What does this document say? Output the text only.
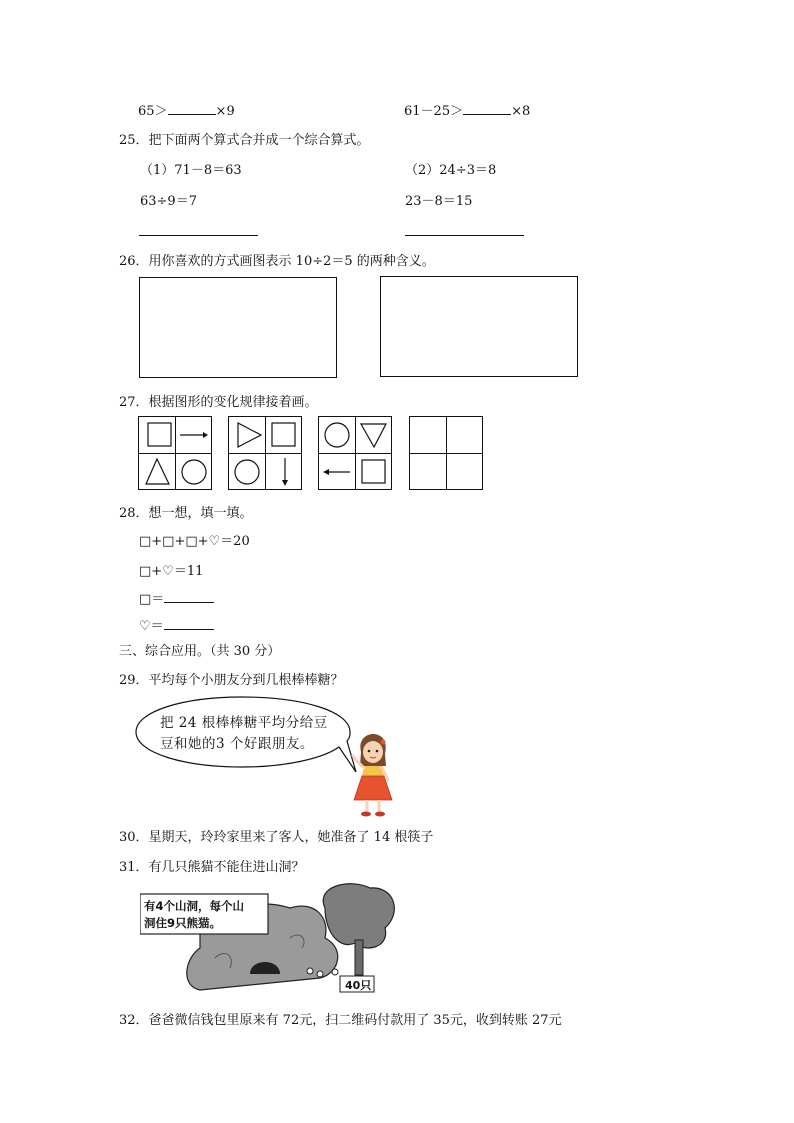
65＞	×9	61－25＞	×8
25．把下面两个算式合并成一个综合算式。
（1）71－8＝63	（2）24÷3＝8
63÷9＝7	23－8＝15
26．用你喜欢的方式画图表示 10÷2＝5 的两种含义。
27．根据图形的变化规律接着画。
28．想一想，填一填。
□+□+□+♡＝20
□+♡＝11
□＝
♡＝
三、综合应用。（共 30 分）
29．平均每个小朋友分到几根棒棒糖？
把 24 根棒棒糖平均分给豆
豆和她的3 个好跟朋友。
30．星期天，玲玲家里来了客人，她准备了 14 根筷子
31．有几只熊猫不能住进山洞？
有4个山洞，每个山
洞住9只熊猫。
40只
32．爸爸微信钱包里原来有 72元，扫二维码付款用了 35元，收到转账 27元
